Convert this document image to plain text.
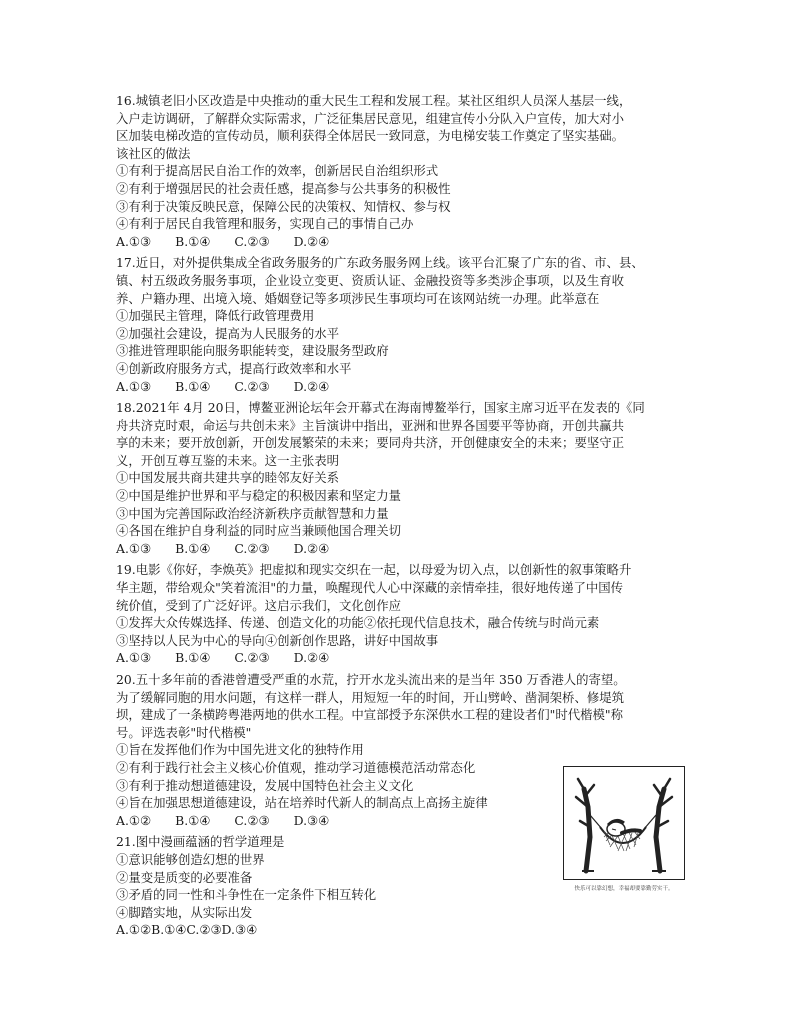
16.城镇老旧小区改造是中央推动的重大民生工程和发展工程。某社区组织人员深人基层一线，
入户走访调研，了解群众实际需求，广泛征集居民意见，组建宣传小分队入户宣传，加大对小
区加装电梯改造的宣传动员，顺利获得全体居民一致同意，为电梯安装工作奠定了坚实基础。
该社区的做法
①有利于提高居民自治工作的效率，创新居民自治组织形式
②有利于增强居民的社会责任感，提高参与公共事务的积极性
③有利于决策反映民意，保障公民的决策权、知情权、参与权
④有利于居民自我管理和服务，实现自己的事情自己办
A.①③ B.①④ C.②③ D.②④
17.近日，对外提供集成全省政务服务的广东政务服务网上线。该平台汇聚了广东的省、市、县、
镇、村五级政务服务事项，企业设立变更、资质认证、金融投资等多类涉企事项，以及生育收
养、户籍办理、出境入境、婚姻登记等多项涉民生事项均可在该网站统一办理。此举意在
①加强民主管理，降低行政管理费用
②加强社会建设，提高为人民服务的水平
③推进管理职能向服务职能转变，建设服务型政府
④创新政府服务方式，提高行政效率和水平
A.①③ B.①④ C.②③ D.②④
18.2021年 4月 20日，博鳌亚洲论坛年会开幕式在海南博鳌举行，国家主席习近平在发表的《同
舟共济克时艰，命运与共创未来》主旨演讲中指出，亚洲和世界各国要平等协商，开创共赢共
享的未来；要开放创新，开创发展繁荣的未来；要同舟共济，开创健康安全的未来；要坚守正
义，开创互尊互鉴的未来。这一主张表明
①中国发展共商共建共享的睦邻友好关系
②中国是维护世界和平与稳定的积极因素和坚定力量
③中国为完善国际政治经济新秩序贡献智慧和力量
④各国在维护自身利益的同时应当兼顾他国合理关切
A.①③ B.①④ C.②③ D.②④
19.电影《你好，李焕英》把虚拟和现实交织在一起，以母爱为切入点，以创新性的叙事策略升
华主题，带给观众"笑着流泪"的力量，唤醒现代人心中深藏的亲情牵挂，很好地传递了中国传
统价值，受到了广泛好评。这启示我们，文化创作应
①发挥大众传媒选择、传递、创造文化的功能②依托现代信息技术，融合传统与时尚元素
③坚持以人民为中心的导向④创新创作思路，讲好中国故事
A.①③ B.①④ C.②③ D.②④
20.五十多年前的香港曾遭受严重的水荒，拧开水龙头流出来的是当年 350 万香港人的寄望。
为了缓解同胞的用水问题，有这样一群人，用短短一年的时间，开山劈岭、凿洞架桥、修堤筑
坝，建成了一条横跨粤港两地的供水工程。中宣部授予东深供水工程的建设者们"时代楷模"称
号。评选表彰"时代楷模"
①旨在发挥他们作为中国先进文化的独特作用
②有利于践行社会主义核心价值观，推动学习道德模范活动常态化
③有利于推动想道德建设，发展中国特色社会主义文化
④旨在加强思想道德建设，站在培养时代新人的制高点上高扬主旋律
A.①② B.①④ C.②③ D.③④
21.图中漫画蕴涵的哲学道理是
①意识能够创造幻想的世界
②量变是质变的必要准备
③矛盾的同一性和斗争性在一定条件下相互转化
④脚踏实地，从实际出发
A.①②B.①④C.②③D.③④
快乐可以靠幻想，幸福却要靠勤劳实干。
